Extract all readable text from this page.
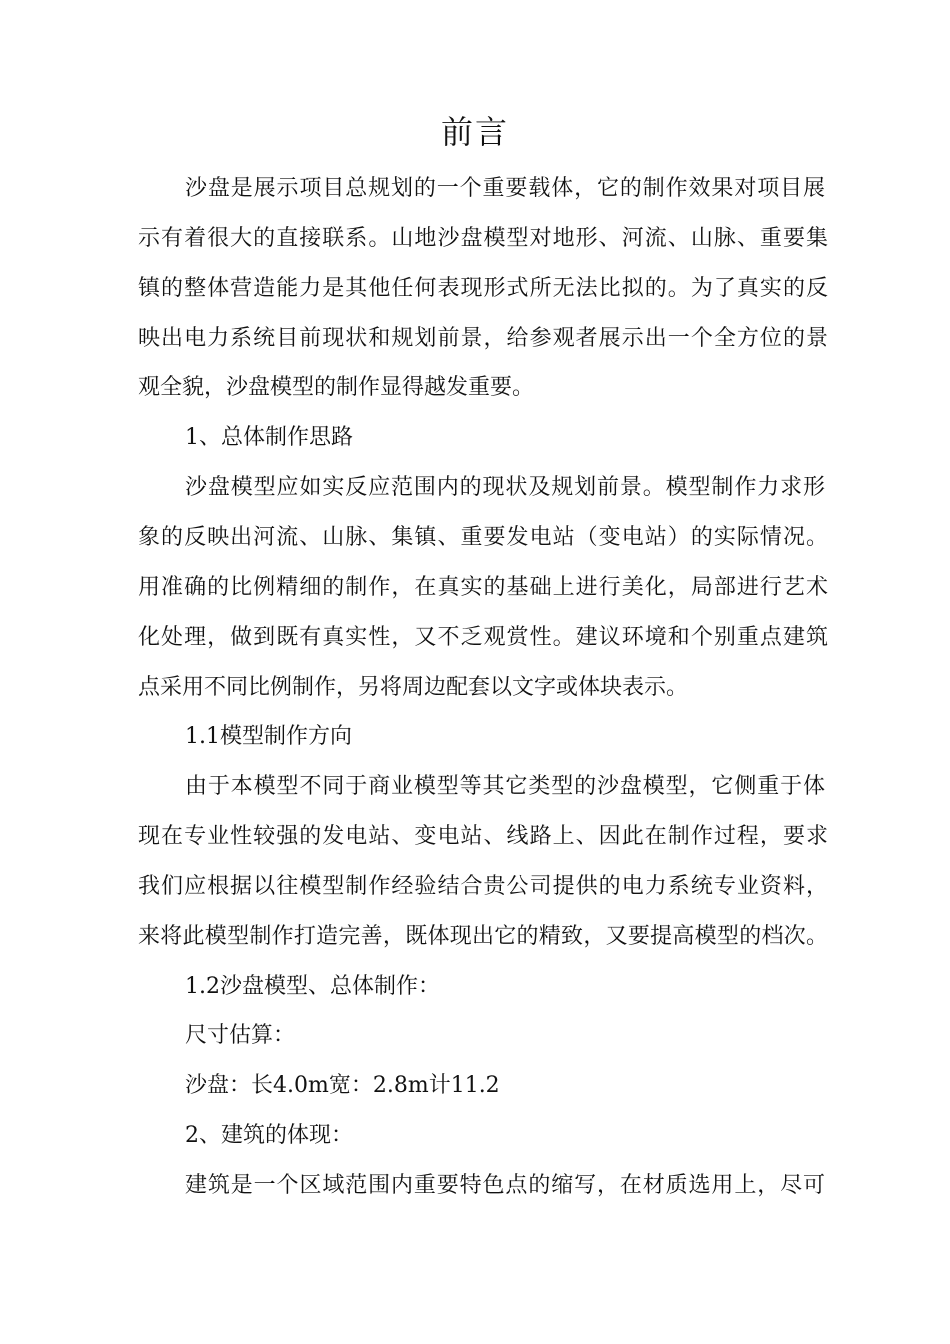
前言
沙盘是展示项目总规划的一个重要载体，它的制作效果对项目展
示有着很大的直接联系。山地沙盘模型对地形、河流、山脉、重要集
镇的整体营造能力是其他任何表现形式所无法比拟的。为了真实的反
映出电力系统目前现状和规划前景，给参观者展示出一个全方位的景
观全貌，沙盘模型的制作显得越发重要。
1、总体制作思路
沙盘模型应如实反应范围内的现状及规划前景。模型制作力求形
象的反映出河流、山脉、集镇、重要发电站（变电站）的实际情况。
用准确的比例精细的制作，在真实的基础上进行美化，局部进行艺术
化处理，做到既有真实性，又不乏观赏性。建议环境和个别重点建筑
点采用不同比例制作，另将周边配套以文字或体块表示。
1.1模型制作方向
由于本模型不同于商业模型等其它类型的沙盘模型，它侧重于体
现在专业性较强的发电站、变电站、线路上、因此在制作过程，要求
我们应根据以往模型制作经验结合贵公司提供的电力系统专业资料，
来将此模型制作打造完善，既体现出它的精致，又要提高模型的档次。
1.2沙盘模型、总体制作：
尺寸估算：
沙盘：长4.0m宽：2.8m计11.2
2、建筑的体现：
建筑是一个区域范围内重要特色点的缩写，在材质选用上，尽可
